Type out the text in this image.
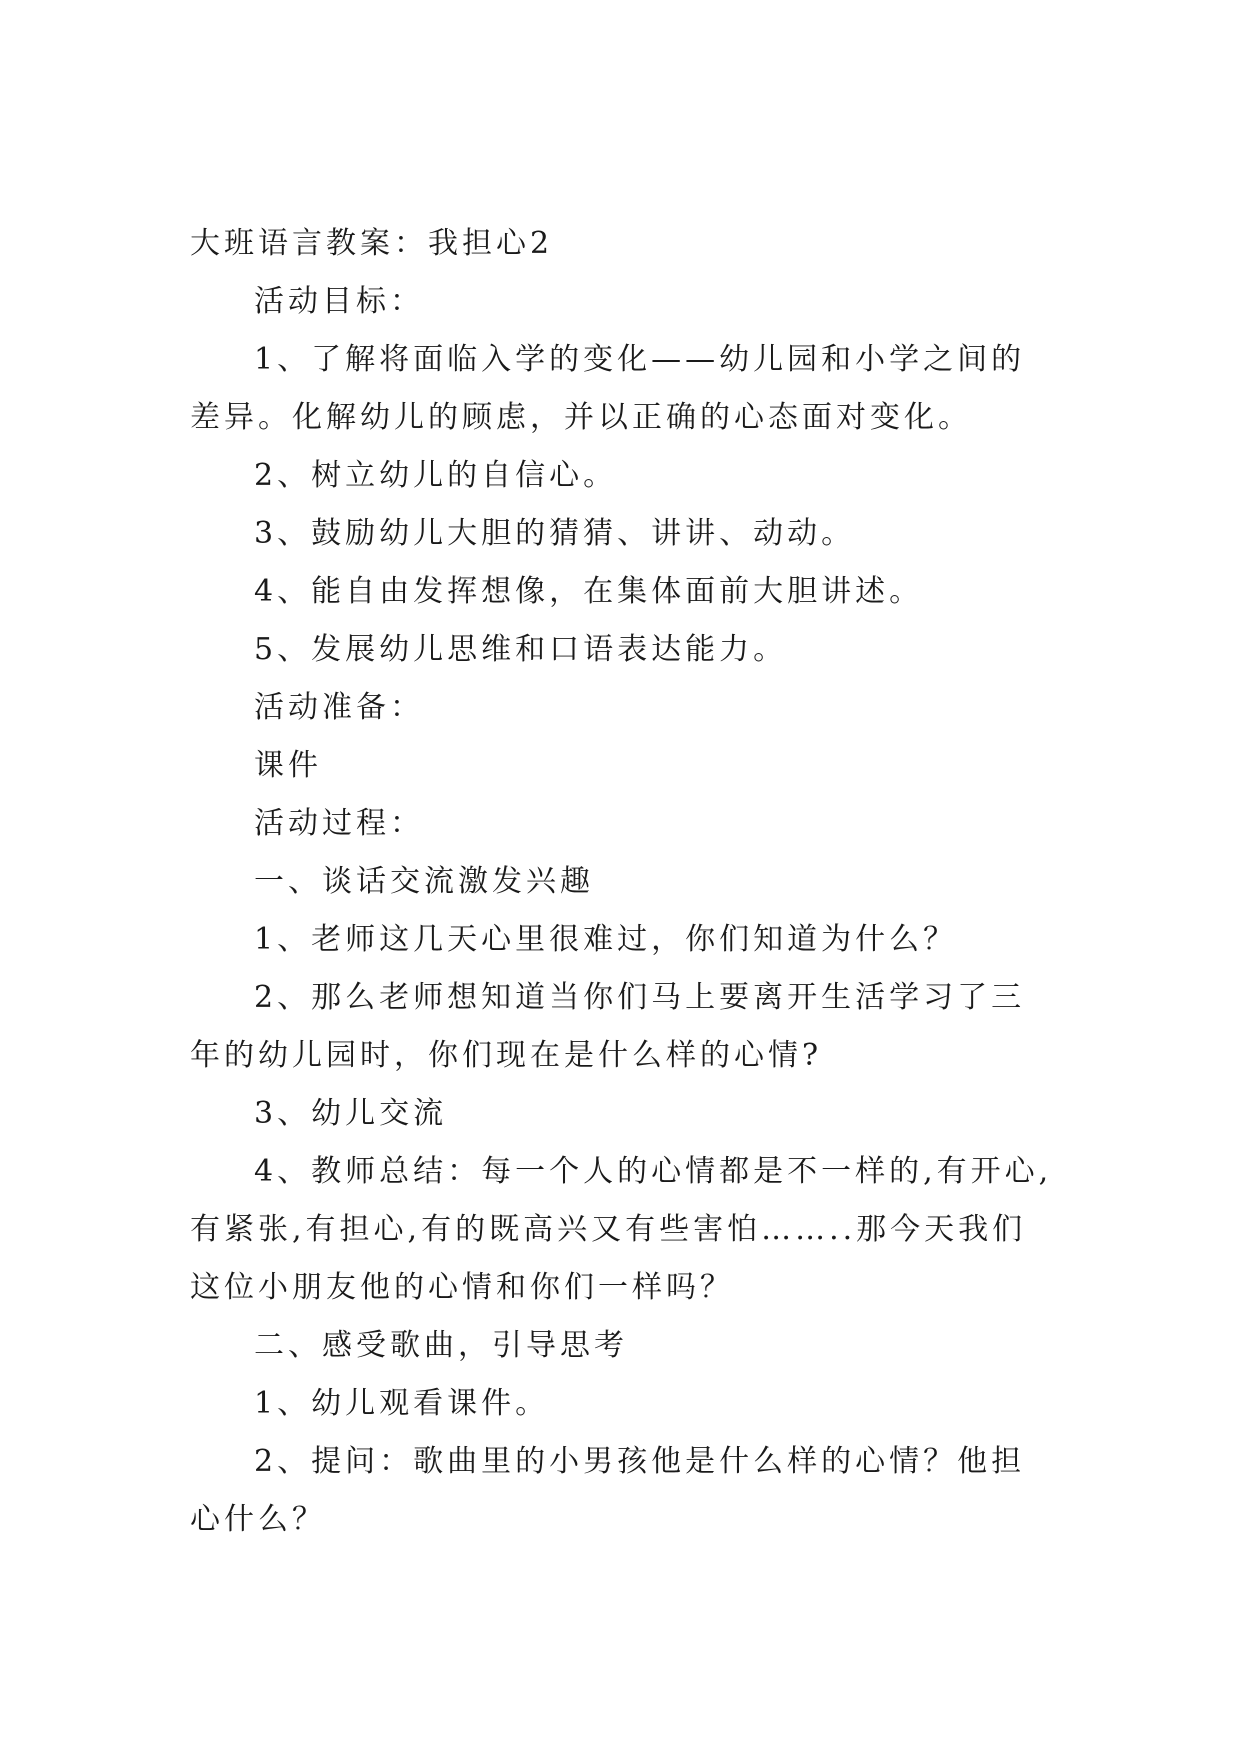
大班语言教案：我担心2

活动目标：

1、了解将面临入学的变化——幼儿园和小学之间的差异。化解幼儿的顾虑，并以正确的心态面对变化。

2、树立幼儿的自信心。

3、鼓励幼儿大胆的猜猜、讲讲、动动。

4、能自由发挥想像，在集体面前大胆讲述。

5、发展幼儿思维和口语表达能力。

活动准备：

课件

活动过程：

一、谈话交流激发兴趣

1、老师这几天心里很难过，你们知道为什么？

2、那么老师想知道当你们马上要离开生活学习了三年的幼儿园时，你们现在是什么样的心情?

3、幼儿交流

4、教师总结：每一个人的心情都是不一样的,有开心,有紧张,有担心,有的既高兴又有些害怕……..那今天我们这位小朋友他的心情和你们一样吗？

二、感受歌曲，引导思考

1、幼儿观看课件。

2、提问：歌曲里的小男孩他是什么样的心情？他担心什么？
